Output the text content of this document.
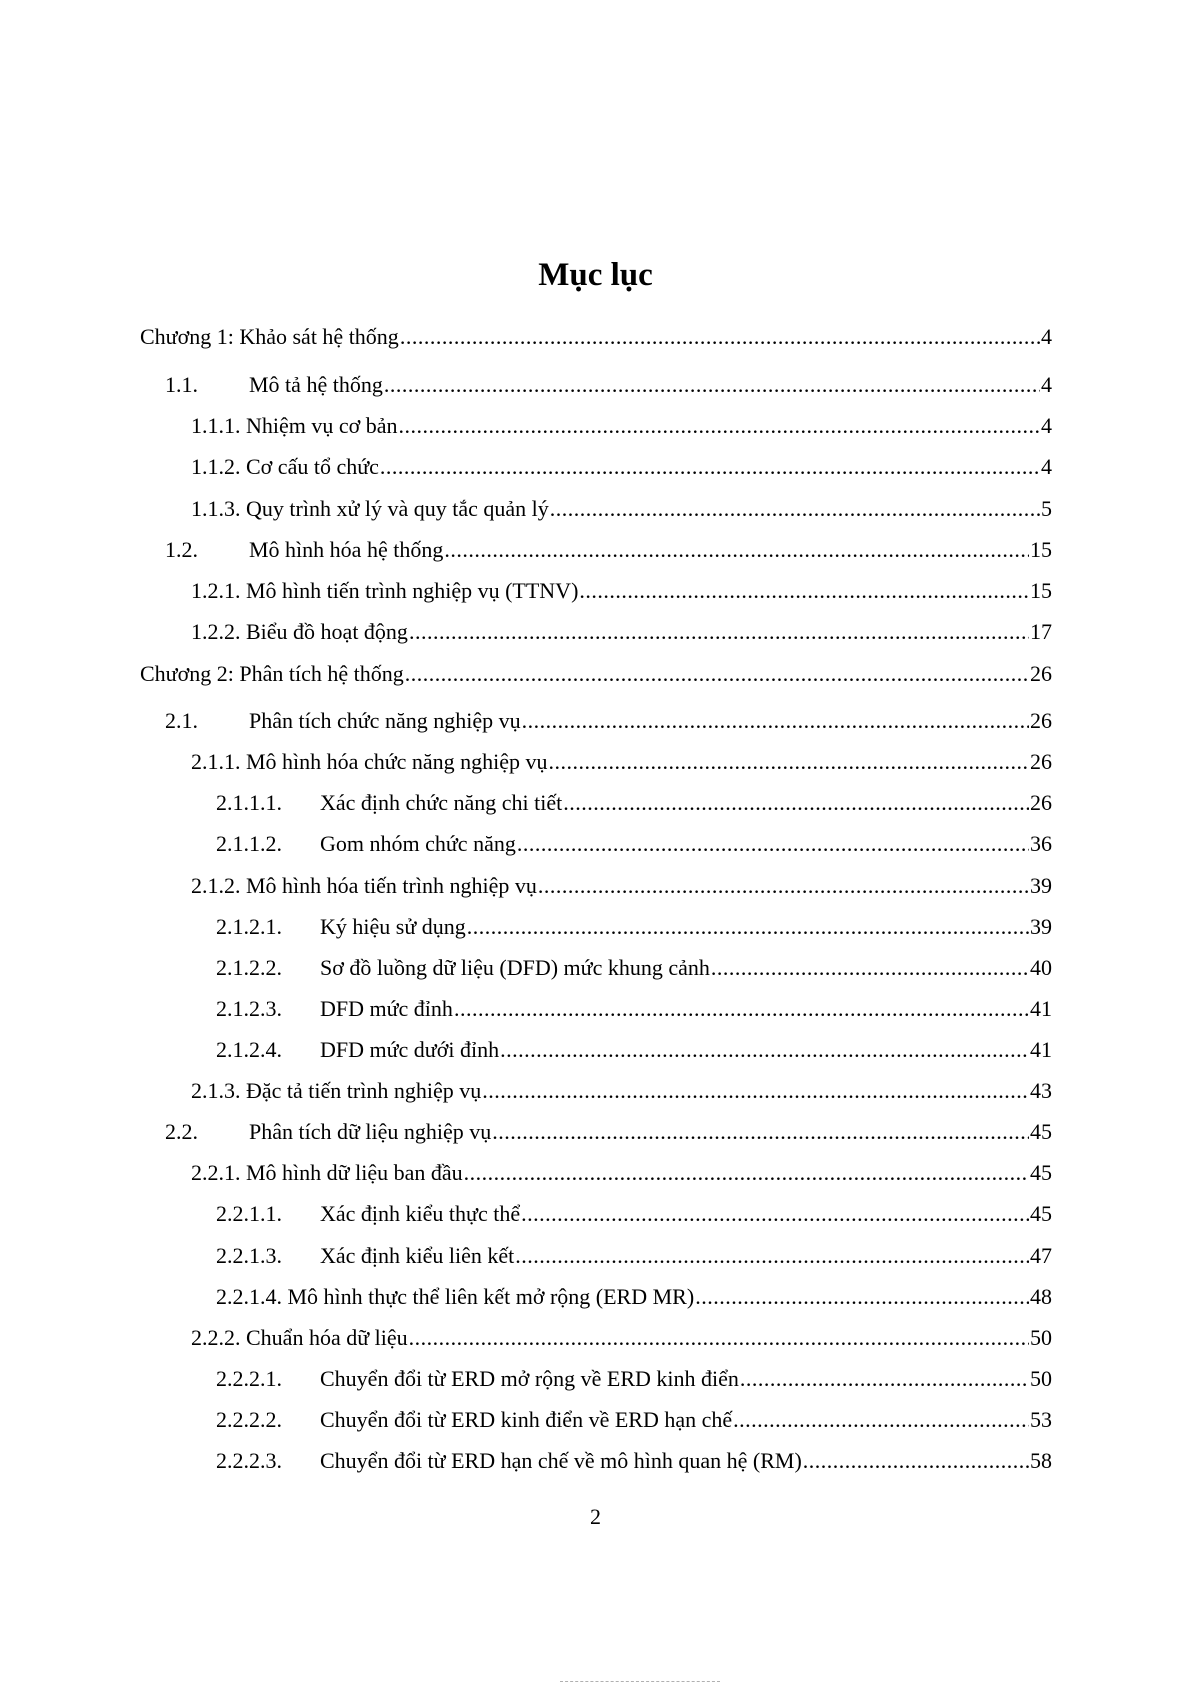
Mục lục
Chương 1: Khảo sát hệ thống .....	4
1.1.	Mô tả hệ thống .....	4
1.1.1. Nhiệm vụ cơ bản .....	4
1.1.2. Cơ cấu tổ chức .....	4
1.1.3. Quy trình xử lý và quy tắc quản lý .....	5
1.2.	Mô hình hóa hệ thống .....	15
1.2.1. Mô hình tiến trình nghiệp vụ (TTNV) .....	15
1.2.2. Biểu đồ hoạt động .....	17
Chương 2: Phân tích hệ thống .....	26
2.1.	Phân tích chức năng nghiệp vụ .....	26
2.1.1. Mô hình hóa chức năng nghiệp vụ .....	26
2.1.1.1.	Xác định chức năng chi tiết .....	26
2.1.1.2.	Gom nhóm chức năng .....	36
2.1.2. Mô hình hóa tiến trình nghiệp vụ .....	39
2.1.2.1.	Ký hiệu sử dụng .....	39
2.1.2.2.	Sơ đồ luồng dữ liệu (DFD) mức khung cảnh .....	40
2.1.2.3.	DFD mức đỉnh .....	41
2.1.2.4.	DFD mức dưới đỉnh .....	41
2.1.3. Đặc tả tiến trình nghiệp vụ .....	43
2.2.	Phân tích dữ liệu nghiệp vụ .....	45
2.2.1. Mô hình dữ liệu ban đầu .....	45
2.2.1.1.	Xác định kiểu thực thể .....	45
2.2.1.3.	Xác định kiểu liên kết .....	47
2.2.1.4. Mô hình thực thể liên kết mở rộng (ERD MR) .....	48
2.2.2. Chuẩn hóa dữ liệu .....	50
2.2.2.1.	Chuyển đổi từ ERD mở rộng về ERD kinh điển .....	50
2.2.2.2.	Chuyển đổi từ ERD kinh điển về ERD hạn chế .....	53
2.2.2.3.	Chuyển đổi từ ERD hạn chế về mô hình quan hệ (RM) .....	58
2
